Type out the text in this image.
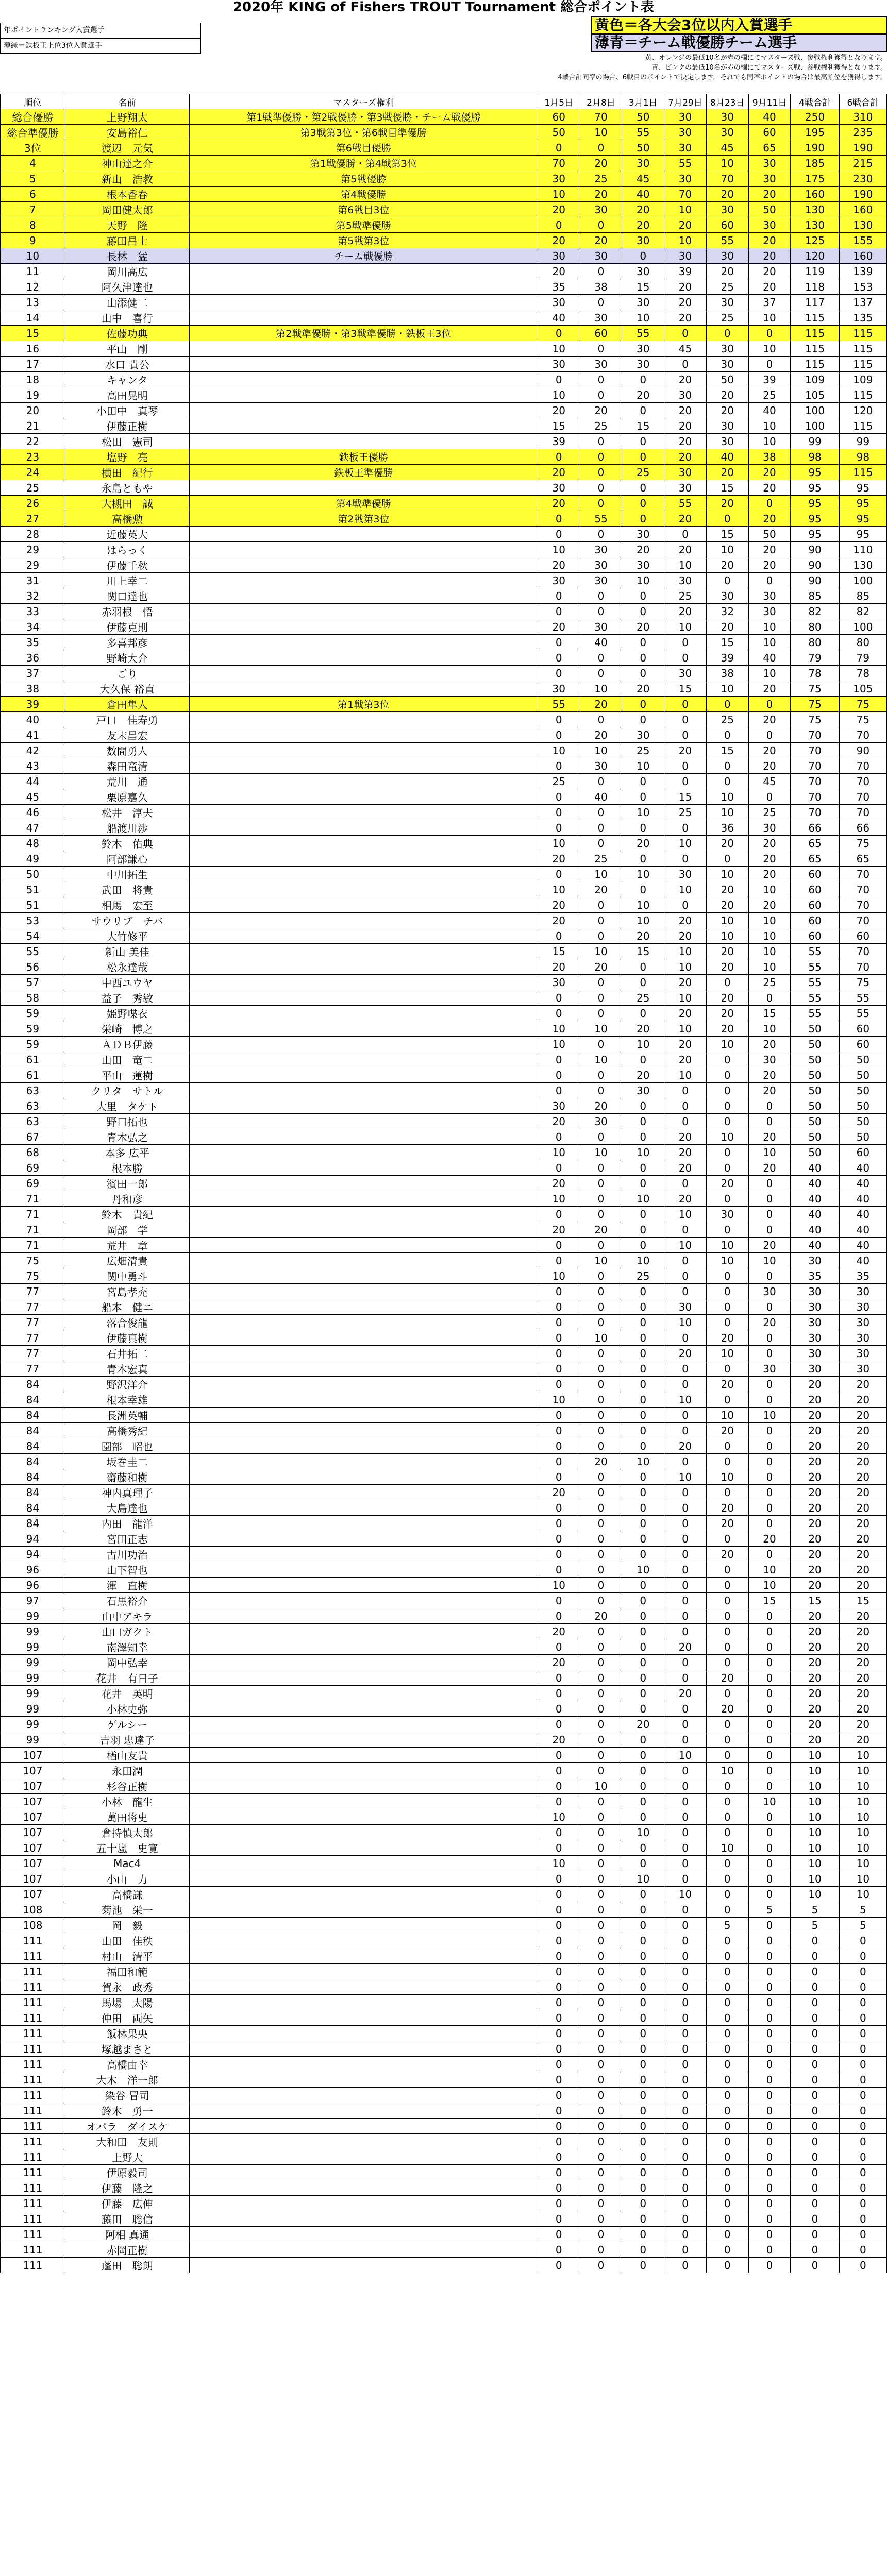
2020年 KING of Fishers TROUT Tournament 総合ポイント表
年ポイントランキング入賞選手
薄緑＝鉄板王上位3位入賞選手
黄色＝各大会3位以内入賞選手
薄青＝チーム戦優勝チーム選手
黄、オレンジの最低10名が赤の欄にてマスターズ戦、参戦権利獲得となります。
青、ピンクの最低10名が赤の欄にてマスターズ戦、参戦権利獲得となります。
4戦合計同率の場合、6戦目のポイントで決定します。それでも同率ポイントの場合は最高順位を獲得します。
順位	名前	マスターズ権利	1月5日	2月8日	3月1日	7月29日	8月23日	9月11日	4戦合計	6戦合計
総合優勝	上野翔太	第1戦準優勝・第2戦優勝・第3戦優勝・チーム戦優勝	60	70	50	30	30	40	250	310
総合準優勝	安島裕仁	第3戦第3位・第6戦目準優勝	50	10	55	30	30	60	195	235
3位	渡辺　元気	第6戦目優勝	0	0	50	30	45	65	190	190
4	神山達之介	第1戦優勝・第4戦第3位	70	20	30	55	10	30	185	215
5	新山　浩教	第5戦優勝	30	25	45	30	70	30	175	230
6	根本香春	第4戦優勝	10	20	40	70	20	20	160	190
7	岡田健太郎	第6戦目3位	20	30	20	10	30	50	130	160
8	天野　隆	第5戦準優勝	0	0	20	20	60	30	130	130
9	藤田昌士	第5戦第3位	20	20	30	10	55	20	125	155
10	長林　猛	チーム戦優勝	30	30	0	30	30	20	120	160
11	岡川高広		20	0	30	39	20	20	119	139
12	阿久津達也		35	38	15	20	25	20	118	153
13	山添健二		30	0	30	20	30	37	117	137
14	山中　喜行		40	30	10	20	25	10	115	135
15	佐藤功典	第2戦準優勝・第3戦準優勝・鉄板王3位	0	60	55	0	0	0	115	115
16	平山　剛		10	0	30	45	30	10	115	115
17	水口 貴公		30	30	30	0	30	0	115	115
18	キャンタ		0	0	0	20	50	39	109	109
19	高田晃明		10	0	20	30	20	25	105	115
20	小田中　真琴		20	20	0	20	20	40	100	120
21	伊藤正樹		15	25	15	20	30	10	100	115
22	松田　憲司		39	0	0	20	30	10	99	99
23	塩野　亮	鉄板王優勝	0	0	0	20	40	38	98	98
24	横田　紀行	鉄板王準優勝	20	0	25	30	20	20	95	115
25	永島ともや		30	0	0	30	15	20	95	95
26	大槻田　誠	第4戦準優勝	20	0	0	55	20	0	95	95
27	高橋勲	第2戦第3位	0	55	0	20	0	20	95	95
28	近藤英大		0	0	30	0	15	50	95	95
29	はらっく		10	30	20	20	10	20	90	110
29	伊藤千秋		20	30	30	10	20	20	90	130
31	川上幸二		30	30	10	30	0	0	90	100
32	関口達也		0	0	0	25	30	30	85	85
33	赤羽根　悟		0	0	0	20	32	30	82	82
34	伊藤克則		20	30	20	10	20	10	80	100
35	多喜邦彦		0	40	0	0	15	10	80	80
36	野崎大介		0	0	0	0	39	40	79	79
37	ごり		0	0	0	30	38	10	78	78
38	大久保 裕直		30	10	20	15	10	20	75	105
39	倉田隼人	第1戦第3位	55	20	0	0	0	0	75	75
40	戸口　佳寿勇		0	0	0	0	25	20	75	75
41	友末昌宏		0	20	30	0	0	0	70	70
42	数間勇人		10	10	25	20	15	20	70	90
43	森田竜清		0	30	10	0	0	20	70	70
44	荒川　通		25	0	0	0	0	45	70	70
45	栗原嘉久		0	40	0	15	10	0	70	70
46	松井　淳夫		0	0	10	25	10	25	70	70
47	船渡川渉		0	0	0	0	36	30	66	66
48	鈴木　佑典		10	0	20	10	20	20	65	75
49	阿部謙心		20	25	0	0	0	20	65	65
50	中川拓生		0	10	10	30	10	20	60	70
51	武田　将貴		10	20	0	10	20	10	60	70
51	相馬　宏至		20	0	10	0	20	20	60	70
53	サウリブ　チバ		20	0	10	20	10	10	60	70
54	大竹修平		0	0	20	20	10	10	60	60
55	新山 美佳		15	10	15	10	20	10	55	70
56	松永達哉		20	20	0	10	20	10	55	70
57	中西ユウヤ		30	0	0	20	0	25	55	75
58	益子　秀敏		0	0	25	10	20	0	55	55
59	姫野喋衣		0	0	0	20	20	15	55	55
59	栄崎　博之		10	10	20	10	20	10	50	60
59	ＡＤＢ伊藤		10	0	10	20	10	20	50	60
61	山田　竜二		0	10	0	20	0	30	50	50
61	平山　蓮樹		0	0	20	10	0	20	50	50
63	クリタ　サトル		0	0	30	0	0	20	50	50
63	大里　タケト		30	20	0	0	0	0	50	50
63	野口拓也		20	30	0	0	0	0	50	50
67	青木弘之		0	0	0	20	10	20	50	50
68	本多 広平		10	10	10	20	0	10	50	60
69	根本勝		0	0	0	20	0	20	40	40
69	濱田一郎		20	0	0	0	20	0	40	40
71	丹和彦		10	0	10	20	0	0	40	40
71	鈴木　貴紀		0	0	0	10	30	0	40	40
71	岡部　学		20	20	0	0	0	0	40	40
71	荒井　章		0	0	0	10	10	20	40	40
75	広畑清貴		0	10	10	0	10	10	30	40
75	関中勇斗		10	0	25	0	0	0	35	35
77	宮島孝充		0	0	0	0	0	30	30	30
77	船本　健ニ		0	0	0	30	0	0	30	30
77	落合俊龍		0	0	0	10	0	20	30	30
77	伊藤真樹		0	10	0	0	20	0	30	30
77	石井拓二		0	0	0	20	10	0	30	30
77	青木宏真		0	0	0	0	0	30	30	30
84	野沢洋介		0	0	0	0	20	0	20	20
84	根本幸雄		10	0	0	10	0	0	20	20
84	長洲英輔		0	0	0	0	10	10	20	20
84	高橋秀紀		0	0	0	0	20	0	20	20
84	園部　昭也		0	0	0	20	0	0	20	20
84	坂巻圭二		0	20	10	0	0	0	20	20
84	齋藤和樹		0	0	0	10	10	0	20	20
84	神内真理子		20	0	0	0	0	0	20	20
84	大島達也		0	0	0	0	20	0	20	20
84	内田　龍洋		0	0	0	0	20	0	20	20
94	宮田正志		0	0	0	0	0	20	20	20
94	古川功治		0	0	0	0	20	0	20	20
96	山下智也		0	0	10	0	0	10	20	20
96	渾　直樹		10	0	0	0	0	10	20	20
97	石黒裕介		0	0	0	0	0	15	15	15
99	山中アキラ		0	20	0	0	0	0	20	20
99	山口ガクト		20	0	0	0	0	0	20	20
99	南澤知幸		0	0	0	20	0	0	20	20
99	岡中弘幸		20	0	0	0	0	0	20	20
99	花井　有日子		0	0	0	0	20	0	20	20
99	花井　英明		0	0	0	20	0	0	20	20
99	小林史弥		0	0	0	0	20	0	20	20
99	ゲルシー		0	0	20	0	0	0	20	20
99	吉羽 忠達子		20	0	0	0	0	0	20	20
107	楢山友貴		0	0	0	10	0	0	10	10
107	永田潤		0	0	0	0	10	0	10	10
107	杉谷正樹		0	10	0	0	0	0	10	10
107	小林　龍生		0	0	0	0	0	10	10	10
107	萬田将史		10	0	0	0	0	0	10	10
107	倉持慎太郎		0	0	10	0	0	0	10	10
107	五十嵐　史寛		0	0	0	0	10	0	10	10
107	Mac4		10	0	0	0	0	0	10	10
107	小山　力		0	0	10	0	0	0	10	10
107	高橋謙		0	0	0	10	0	0	10	10
108	菊池　栄一		0	0	0	0	0	5	5	5
108	岡　毅		0	0	0	0	5	0	5	5
111	山田　佳秩		0	0	0	0	0	0	0	0
111	村山　清平		0	0	0	0	0	0	0	0
111	福田和範		0	0	0	0	0	0	0	0
111	賀永　政秀		0	0	0	0	0	0	0	0
111	馬場　太陽		0	0	0	0	0	0	0	0
111	仲田　両矢		0	0	0	0	0	0	0	0
111	飯林果央		0	0	0	0	0	0	0	0
111	塚越まさと		0	0	0	0	0	0	0	0
111	高橋由幸		0	0	0	0	0	0	0	0
111	大木　洋一郎		0	0	0	0	0	0	0	0
111	染谷 冒司		0	0	0	0	0	0	0	0
111	鈴木　勇一		0	0	0	0	0	0	0	0
111	オバラ　ダイスケ		0	0	0	0	0	0	0	0
111	大和田　友則		0	0	0	0	0	0	0	0
111	上野大		0	0	0	0	0	0	0	0
111	伊原毅司		0	0	0	0	0	0	0	0
111	伊藤　隆之		0	0	0	0	0	0	0	0
111	伊藤　広伸		0	0	0	0	0	0	0	0
111	藤田　聡信		0	0	0	0	0	0	0	0
111	阿相 真通		0	0	0	0	0	0	0	0
111	赤岡正樹		0	0	0	0	0	0	0	0
111	蓬田　聡朗		0	0	0	0	0	0	0	0
